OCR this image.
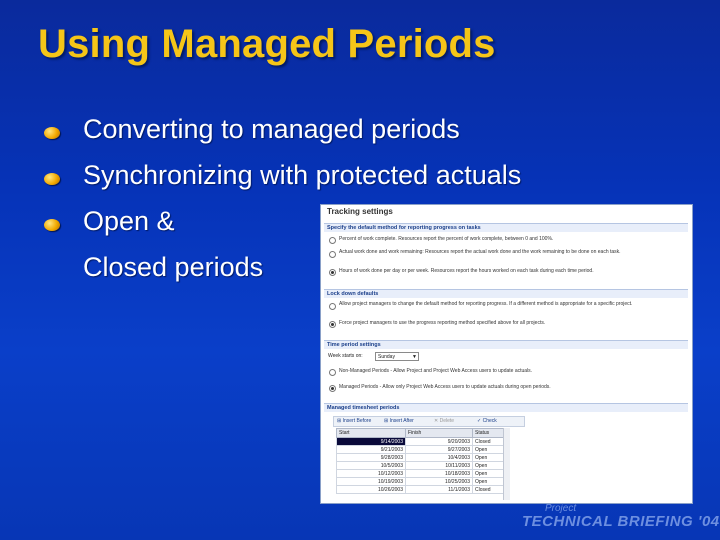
Using Managed Periods
Converting to managed periods
Synchronizing with protected actuals
Open &
Closed periods
Tracking settings
Specify the default method for reporting progress on tasks
Percent of work complete. Resources report the percent of work complete, between 0 and 100%.
Actual work done and work remaining: Resources report the actual work done and the work remaining to be done on each task.
Hours of work done per day or per week. Resources report the hours worked on each task during each time period.
Lock down defaults
Allow project managers to change the default method for reporting progress. If a different method is appropriate for a specific project.
Force project managers to use the progress reporting method specified above for all projects.
Time period settings
Week starts on:	Sunday	▼
Non-Managed Periods - Allow Project and Project Web Access users to update actuals.
Managed Periods - Allow only Project Web Access users to update actuals during open periods.
Managed timesheet periods
⊞ Insert Before	⊞ Insert After	✕ Delete	✓ Check
Start	Finish	Status
9/14/2003	9/20/2003	Closed
9/21/2003	9/27/2003	Open
9/28/2003	10/4/2003	Open
10/5/2003	10/11/2003	Open
10/12/2003	10/18/2003	Open
10/19/2003	10/25/2003	Open
10/26/2003	11/1/2003	Closed
Project
TECHNICAL BRIEFING '04
